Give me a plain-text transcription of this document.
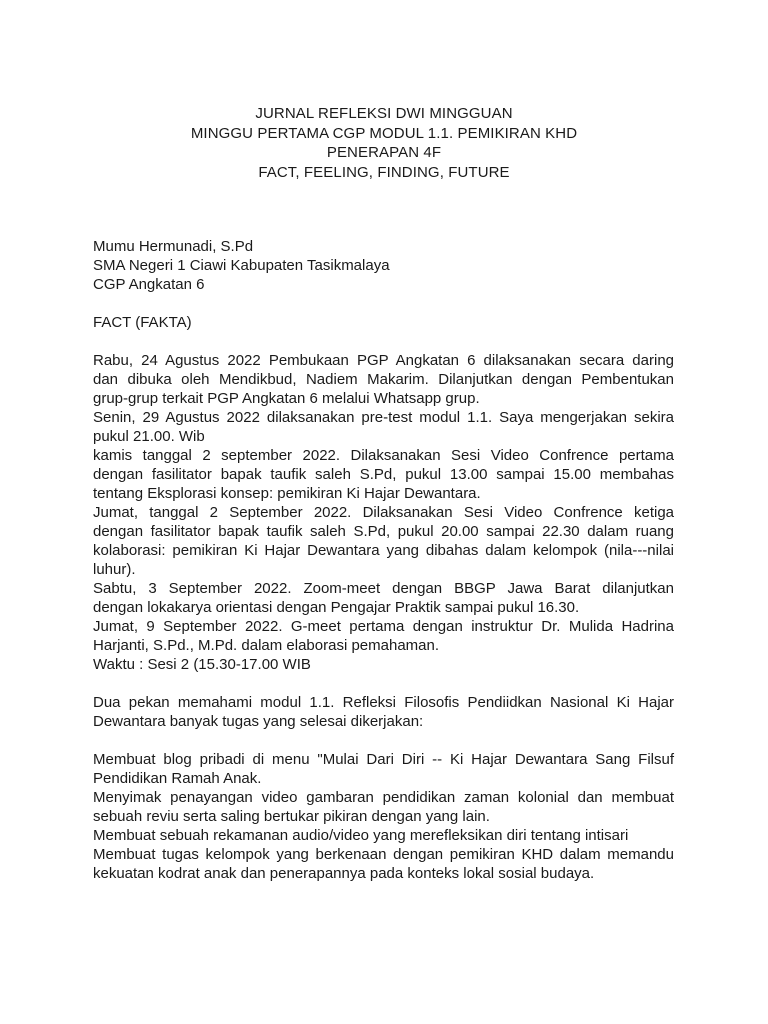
JURNAL REFLEKSI DWI MINGGUAN
MINGGU PERTAMA CGP MODUL 1.1. PEMIKIRAN KHD
PENERAPAN 4F
FACT, FEELING, FINDING, FUTURE
Mumu Hermunadi, S.Pd
SMA Negeri 1 Ciawi Kabupaten Tasikmalaya
CGP Angkatan 6
FACT (FAKTA)
Rabu, 24 Agustus 2022 Pembukaan PGP Angkatan 6 dilaksanakan secara daring
dan dibuka oleh Mendikbud, Nadiem Makarim. Dilanjutkan dengan Pembentukan
grup-grup terkait PGP Angkatan 6 melalui Whatsapp grup.
Senin, 29 Agustus 2022 dilaksanakan pre-test modul 1.1. Saya mengerjakan sekira
pukul 21.00. Wib
kamis tanggal 2 september 2022. Dilaksanakan Sesi Video Confrence pertama
dengan fasilitator bapak taufik saleh S.Pd, pukul 13.00 sampai 15.00 membahas
tentang Eksplorasi konsep: pemikiran Ki Hajar Dewantara.
Jumat, tanggal 2 September 2022. Dilaksanakan Sesi Video Confrence ketiga
dengan fasilitator bapak taufik saleh S.Pd, pukul 20.00 sampai 22.30 dalam ruang
kolaborasi: pemikiran Ki Hajar Dewantara yang dibahas dalam kelompok (nila---nilai
luhur).
Sabtu, 3 September 2022. Zoom-meet dengan BBGP Jawa Barat dilanjutkan
dengan lokakarya orientasi dengan Pengajar Praktik sampai pukul 16.30.
Jumat, 9 September 2022. G-meet pertama dengan instruktur Dr. Mulida Hadrina
Harjanti, S.Pd., M.Pd. dalam elaborasi pemahaman.
Waktu : Sesi 2 (15.30-17.00 WIB
Dua pekan memahami modul 1.1. Refleksi Filosofis Pendiidkan Nasional Ki Hajar
Dewantara banyak tugas yang selesai dikerjakan:
Membuat blog pribadi di menu "Mulai Dari Diri -- Ki Hajar Dewantara Sang Filsuf
Pendidikan Ramah Anak.
Menyimak penayangan video gambaran pendidikan zaman kolonial dan membuat
sebuah reviu serta saling bertukar pikiran dengan yang lain.
Membuat sebuah rekamanan audio/video yang merefleksikan diri tentang intisari
Membuat tugas kelompok yang berkenaan dengan pemikiran KHD dalam memandu
kekuatan kodrat anak dan penerapannya pada konteks lokal sosial budaya.
